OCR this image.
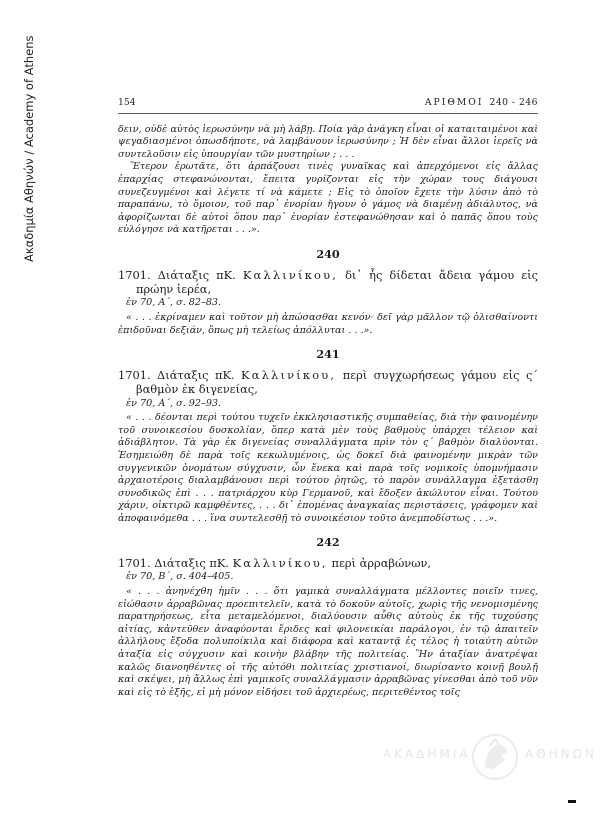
Ακαδημία Αθηνών / Academy of Athens	154	ΑΡΙΘΜΟΙ 240 - 246

δειν, οὐδὲ αὐτὸς ἱερωσύνην νὰ μὴ λάβῃ. Ποία γὰρ ἀνάγκη εἶναι οἱ καταιταιμένοι καὶ ψεγαδιασμένοι ὁπωσδήποτε, νὰ λαμβάνουν ἱερωσύνην ; Ἡ δὲν εἶναι ἄλλοι ἱερεῖς νὰ συντελοῦσιν εἰς ὑπουργίαν τῶν μυστηρίων ; . . .

Ἕτερον ἐρωτᾶτε, ὅτι ἁρπάζουσι τινὲς γυναῖκας καὶ ἀπερχόμενοι εἰς ἄλλας ἐπαρχίας στεφανώνονται, ἔπειτα γυρίζονται εἰς τὴν χώραν τους διάγουσι συνεζευγμένοι καὶ λέγετε τί νὰ κάμετε ; Εἰς τὸ ὁποῖον ἔχετε τὴν λύσιν ἀπὸ τὸ παραπάνω, τὸ ὅμοιον, τοῦ παρ᾽ ἐνορίαν ἤγουν ὁ γάμος νὰ διαμένῃ ἀδιάλυτος, νὰ ἀφορίζωνται δὲ αὐτοὶ ὅπου παρ᾽ ἐνορίαν ἐστεφανώθησαν καὶ ὁ παπᾶς ὅπου τοὺς εὐλόγησε νὰ κατῆρεται . . .».

240

1701. Διάταξις πΚ. Καλλινίκου, δι᾽ ἧς δίδεται ἄδεια γάμου εἰς πρώην ἱερέα,

ἐν 70, Α΄, σ. 82–83.

« . . . ἐκρίναμεν καὶ τοῦτον μὴ ἀπώσασθαι κενόν· δεῖ γὰρ μᾶλλον τῷ ὀλισθαίνοντι ἐπιδοῦναι δεξιάν, ὅπως μὴ τελείως ἀπόλλυται . . .».

241

1701. Διάταξις πΚ. Καλλινίκου, περὶ συγχωρήσεως γάμου εἰς ς΄ βαθμὸν ἐκ διγενείας,

ἐν 70, Α΄, σ. 92–93.

« . . . δέονται περὶ τούτου τυχεῖν ἐκκλησιαστικῆς συμπαθείας, διὰ τὴν φαινομένην τοῦ συνοικεσίου δυσκολίαν, ὅπερ κατὰ μὲν τοὺς βαθμοὺς ὑπάρχει τέλειον καὶ ἀδιάβλητον. Τὰ γὰρ ἐκ διγενείας συναλλάγματα πρὶν τὸν ς΄ βαθμὸν διαλύονται. Ἐσημειώθη δὲ παρὰ τοῖς κεκωλυμένοις, ὡς δοκεῖ διὰ φαινομένην μικρὰν τῶν συγγενικῶν ὀνομάτων σύγχυσιν, ὧν ἕνεκα καὶ παρὰ τοῖς νομικοῖς ὑπομνήμασιν ἀρχαιοτέροις διαλαμβάνουσι περὶ τούτου ῥητῶς, τὸ παρὸν συνάλλαγμα ἐξετάσθη συνοδικῶς ἐπὶ . . . πατριάρχου κὺρ Γερμανοῦ, καὶ ἔδοξεν ἀκώλυτον εἶναι. Τούτου χάριν, οἰκτιρῶ καμφθέντες, . . . δι᾽ ἑπομένας ἀναγκαίας περιστάσεις, γράφομεν καὶ ἀποφαινόμεθα . . . ἵνα συντελεσθῇ τὸ συνοικέσιον τοῦτο ἀνεμποδίστως . . .».

242

1701. Διάταξις πΚ. Καλλινίκου, περὶ ἀρραβώνων,

ἐν 70, Β΄, σ. 404–405.

« . . . ἀνηνέχθη ἡμῖν . . . ὅτι γαμικὰ συναλλάγματα μέλλοντες ποιεῖν τινες, εἰώθασιν ἀρραβῶνας προεπιτελεῖν, κατὰ τὸ δοκοῦν αὐτοῖς, χωρὶς τῆς νενομισμένης παρατηρήσεως, εἶτα μεταμελόμενοι, διαλύουσιν αὖθις αὐτοὺς ἐκ τῆς τυχούσης αἰτίας, κἀντεῦθεν ἀναφύονται ἔριδες καὶ φιλονεικίαι παράλογοι, ἐν τῷ ἀπαιτεῖν ἀλλήλους ἔξοδα πολυποίκιλα καὶ διάφορα καὶ καταντᾷ ἐς τέλος ἡ τοιαύτη αὐτῶν ἀταξία εἰς σύγχυσιν καὶ κοινὴν βλάβην τῆς πολιτείας. Ἣν ἀταξίαν ἀνατρέψαι καλῶς διανοηθέντες οἱ τῆς αὐτόθι πολιτείας χριστιανοί, διωρίσαντο κοινῇ βουλῇ καὶ σκέψει, μὴ ἄλλως ἐπὶ γαμικοῖς συναλλάγμασιν ἀρραβῶνας γίνεσθαι ἀπὸ τοῦ νῦν καὶ εἰς τὸ ἑξῆς, εἰ μὴ μόνον εἰδήσει τοῦ ἀρχιερέως, περιτεθέντος τοῖς

ΑΚΑΔΗΜΙΑ	ΑΘΗΝΩΝ
